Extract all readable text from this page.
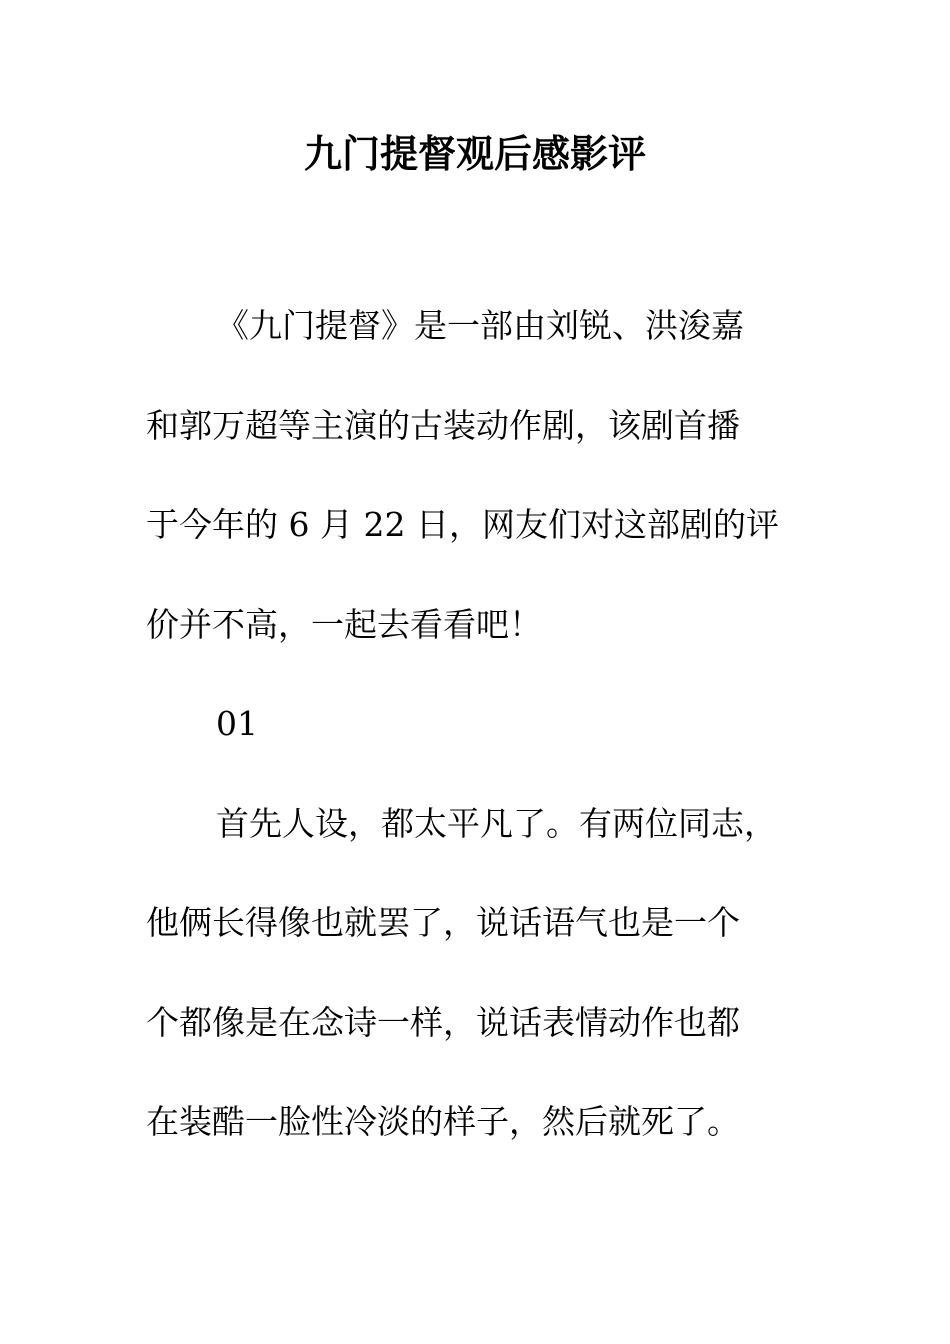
九门提督观后感影评
《九门提督》是一部由刘锐、洪浚嘉
和郭万超等主演的古装动作剧，该剧首播
于今年的 6 月 22 日，网友们对这部剧的评
价并不高，一起去看看吧！
01
首先人设，都太平凡了。有两位同志，
他俩长得像也就罢了，说话语气也是一个
个都像是在念诗一样，说话表情动作也都
在装酷一脸性冷淡的样子，然后就死了。
